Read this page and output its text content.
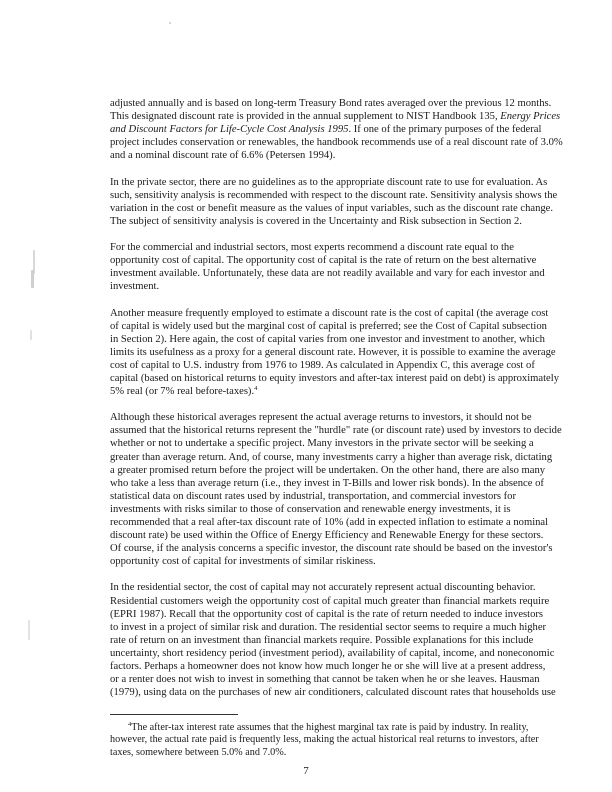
adjusted annually and is based on long-term Treasury Bond rates averaged over the previous 12 months.
This designated discount rate is provided in the annual supplement to NIST Handbook 135, Energy Prices
and Discount Factors for Life-Cycle Cost Analysis 1995. If one of the primary purposes of the federal
project includes conservation or renewables, the handbook recommends use of a real discount rate of 3.0%
and a nominal discount rate of 6.6% (Petersen 1994).
In the private sector, there are no guidelines as to the appropriate discount rate to use for evaluation. As
such, sensitivity analysis is recommended with respect to the discount rate. Sensitivity analysis shows the
variation in the cost or benefit measure as the values of input variables, such as the discount rate change.
The subject of sensitivity analysis is covered in the Uncertainty and Risk subsection in Section 2.
For the commercial and industrial sectors, most experts recommend a discount rate equal to the
opportunity cost of capital. The opportunity cost of capital is the rate of return on the best alternative
investment available. Unfortunately, these data are not readily available and vary for each investor and
investment.
Another measure frequently employed to estimate a discount rate is the cost of capital (the average cost
of capital is widely used but the marginal cost of capital is preferred; see the Cost of Capital subsection
in Section 2). Here again, the cost of capital varies from one investor and investment to another, which
limits its usefulness as a proxy for a general discount rate. However, it is possible to examine the average
cost of capital to U.S. industry from 1976 to 1989. As calculated in Appendix C, this average cost of
capital (based on historical returns to equity investors and after-tax interest paid on debt) is approximately
5% real (or 7% real before-taxes).$^4$
Although these historical averages represent the actual average returns to investors, it should not be
assumed that the historical returns represent the "hurdle" rate (or discount rate) used by investors to decide
whether or not to undertake a specific project. Many investors in the private sector will be seeking a
greater than average return. And, of course, many investments carry a higher than average risk, dictating
a greater promised return before the project will be undertaken. On the other hand, there are also many
who take a less than average return (i.e., they invest in T-Bills and lower risk bonds). In the absence of
statistical data on discount rates used by industrial, transportation, and commercial investors for
investments with risks similar to those of conservation and renewable energy investments, it is
recommended that a real after-tax discount rate of 10% (add in expected inflation to estimate a nominal
discount rate) be used within the Office of Energy Efficiency and Renewable Energy for these sectors.
Of course, if the analysis concerns a specific investor, the discount rate should be based on the investor's
opportunity cost of capital for investments of similar riskiness.
In the residential sector, the cost of capital may not accurately represent actual discounting behavior.
Residential customers weigh the opportunity cost of capital much greater than financial markets require
(EPRI 1987). Recall that the opportunity cost of capital is the rate of return needed to induce investors
to invest in a project of similar risk and duration. The residential sector seems to require a much higher
rate of return on an investment than financial markets require. Possible explanations for this include
uncertainty, short residency period (investment period), availability of capital, income, and noneconomic
factors. Perhaps a homeowner does not know how much longer he or she will live at a present address,
or a renter does not wish to invest in something that cannot be taken when he or she leaves. Hausman
(1979), using data on the purchases of new air conditioners, calculated discount rates that households use
$^4$The after-tax interest rate assumes that the highest marginal tax rate is paid by industry. In reality,
however, the actual rate paid is frequently less, making the actual historical real returns to investors, after
taxes, somewhere between 5.0% and 7.0%.
7
